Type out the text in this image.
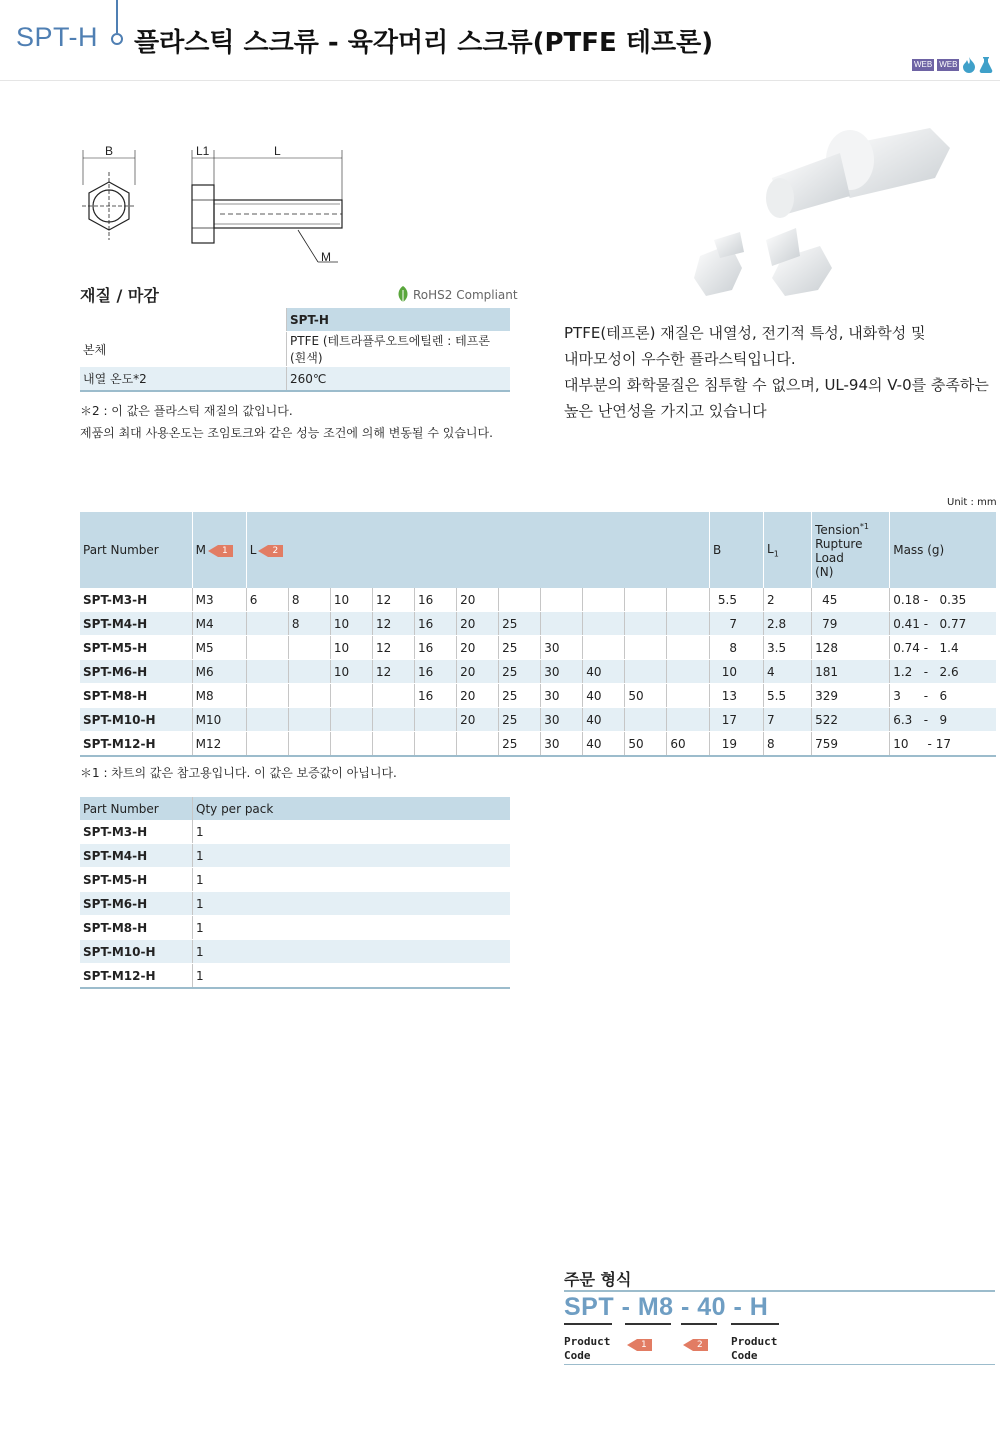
SPT-H 플라스틱 스크류 - 육각머리 스크류(PTFE 테프론)
WEB WEB
B	L1	L
M
재질 / 마감	RoHS2 Compliant
	SPT-H
본체	PTFE (테트라플루오트에틸렌 : 테프론 (흰색)
내열 온도*2	260℃
＊2 : 이 값은 플라스틱 재질의 값입니다.
제품의 최대 사용온도는 조임토크와 같은 성능 조건에 의해 변동될 수 있습니다.
PTFE(테프론) 재질은 내열성, 전기적 특성, 내화학성 및
내마모성이 우수한 플라스틱입니다.
대부분의 화학물질은 침투할 수 없으며, UL-94의 V-0를 충족하는
높은 난연성을 가지고 있습니다
Unit : mm
Part Number	M 1	L 2											B	$L_1$	Tension$^{*1}$
Rupture
Load
(N)	Mass (g)
SPT-M3-H	M3	6	8	10	12	16	20							5.5	2	45	0.18 -   0.35
SPT-M4-H	M4		8	10	12	16	20	25						7	2.8	79	0.41 -   0.77
SPT-M5-H	M5			10	12	16	20	25	30					8	3.5	128	0.74 -   1.4
SPT-M6-H	M6			10	12	16	20	25	30	40				10	4	181	1.2   -   2.6
SPT-M8-H	M8					16	20	25	30	40	50			13	5.5	329	3      -   6
SPT-M10-H	M10						20	25	30	40				17	7	522	6.3   -   9
SPT-M12-H	M12							25	30	40	50	60		19	8	759	10     - 17
＊1 : 차트의 값은 참고용입니다. 이 값은 보증값이 아닙니다.
Part Number	Qty per pack
SPT-M3-H	1
SPT-M4-H	1
SPT-M5-H	1
SPT-M6-H	1
SPT-M8-H	1
SPT-M10-H	1
SPT-M12-H	1
주문 형식
SPT - M8 - 40 - H
Product Code
1	2	Product Code
